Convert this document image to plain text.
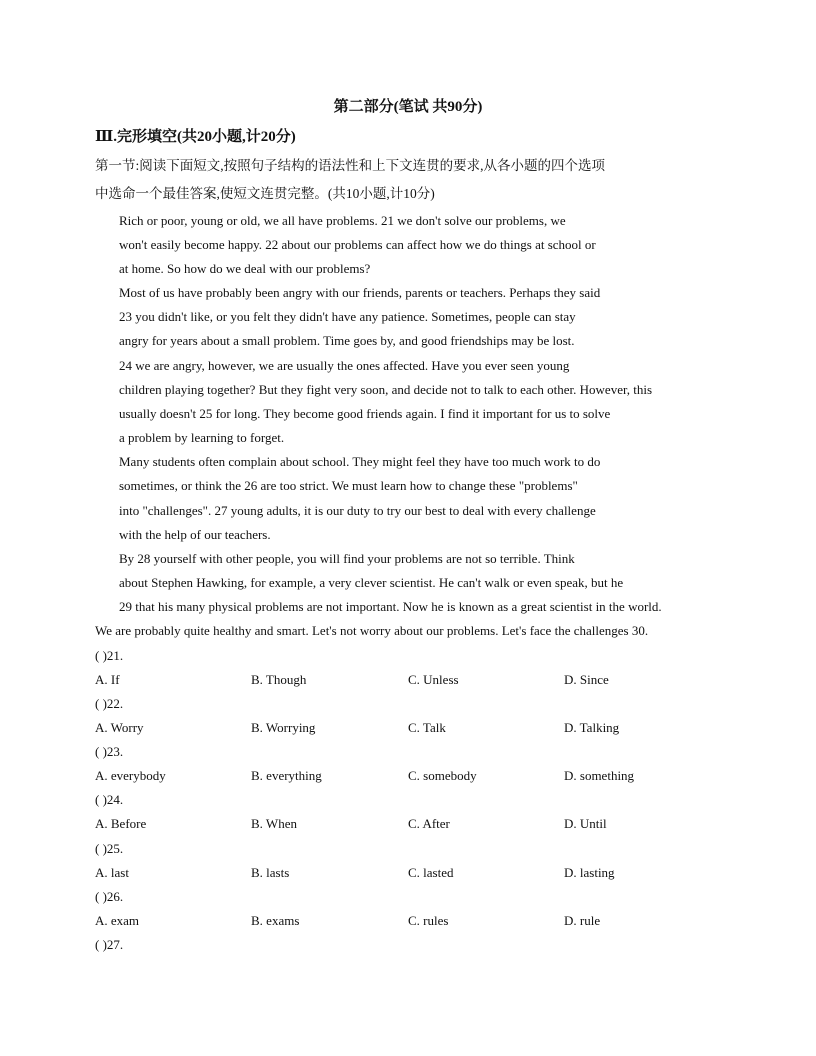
第二部分(笔试 共90分)
Ⅲ.完形填空(共20小题,计20分)
第一节:阅读下面短文,按照句子结构的语法性和上下文连贯的要求,从各小题的四个选项
中选命一个最佳答案,使短文连贯完整。(共10小题,计10分)
Rich or poor, young or old, we all have problems. 21 we don't solve our problems, we
won't easily become happy. 22 about our problems can affect how we do things at school or
at home. So how do we deal with our problems?
Most of us have probably been angry with our friends, parents or teachers. Perhaps they said
23 you didn't like, or you felt they didn't have any patience. Sometimes, people can stay
angry for years about a small problem. Time goes by, and good friendships may be lost.
24 we are angry, however, we are usually the ones affected. Have you ever seen young
children playing together? But they fight very soon, and decide not to talk to each other. However, this
usually doesn't 25 for long. They become good friends again. I find it important for us to solve
a problem by learning to forget.
Many students often complain about school. They might feel they have too much work to do
sometimes, or think the 26 are too strict. We must learn how to change these "problems"
into "challenges". 27 young adults, it is our duty to try our best to deal with every challenge
with the help of our teachers.
By 28 yourself with other people, you will find your problems are not so terrible. Think
about Stephen Hawking, for example, a very clever scientist. He can't walk or even speak, but he
29 that his many physical problems are not important. Now he is known as a great scientist in the world.
We are probably quite healthy and smart. Let's not worry about our problems. Let's face the challenges 30.
( )21.
A. If	B. Though	C. Unless	D. Since
( )22.
A. Worry	B. Worrying	C. Talk	D. Talking
( )23.
A. everybody	B. everything	C. somebody	D. something
( )24.
A. Before	B. When	C. After	D. Until
( )25.
A. last	B. lasts	C. lasted	D. lasting
( )26.
A. exam	B. exams	C. rules	D. rule
( )27.
